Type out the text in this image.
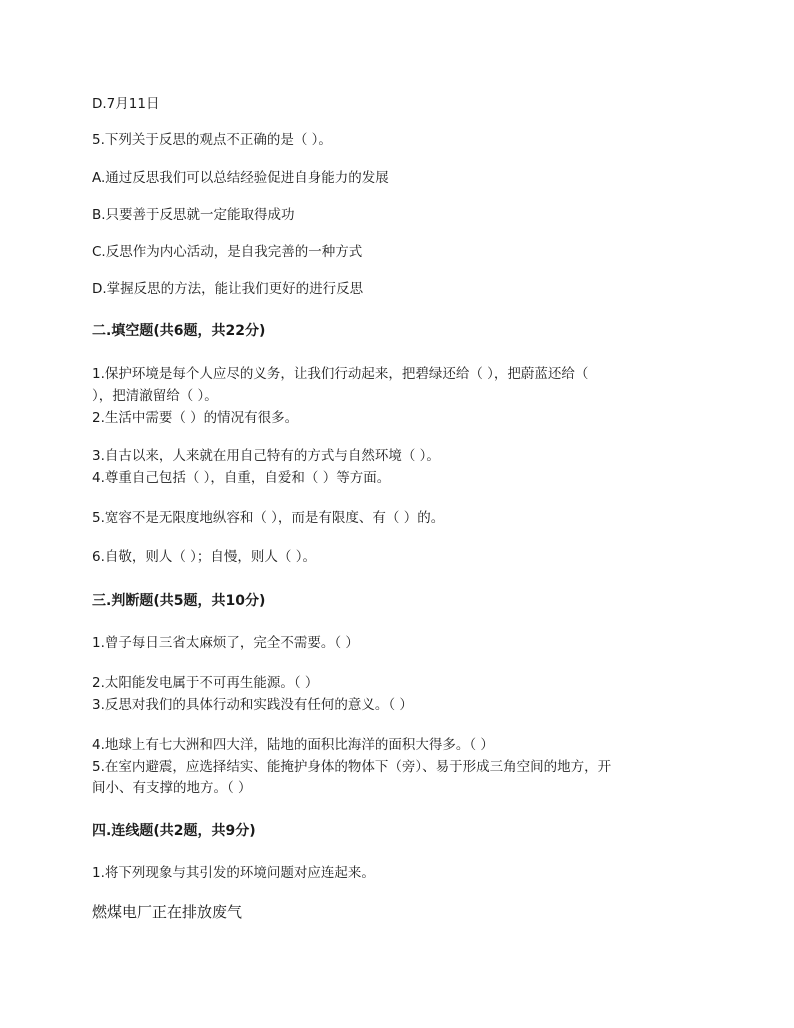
D.7月11日
5.下列关于反思的观点不正确的是（ ）。
A.通过反思我们可以总结经验促进自身能力的发展
B.只要善于反思就一定能取得成功
C.反思作为内心活动，是自我完善的一种方式
D.掌握反思的方法，能让我们更好的进行反思
二.填空题(共6题，共22分)
1.保护环境是每个人应尽的义务，让我们行动起来，把碧绿还给（ ），把蔚蓝还给（
），把清澈留给（ ）。
2.生活中需要（ ）的情况有很多。
3.自古以来，人来就在用自己特有的方式与自然环境（ ）。
4.尊重自己包括（ ），自重，自爱和（ ）等方面。
5.宽容不是无限度地纵容和（ ），而是有限度、有（ ）的。
6.自敬，则人（ ）；自慢，则人（ ）。
三.判断题(共5题，共10分)
1.曾子每日三省太麻烦了，完全不需要。（ ）
2.太阳能发电属于不可再生能源。（ ）
3.反思对我们的具体行动和实践没有任何的意义。（ ）
4.地球上有七大洲和四大洋，陆地的面积比海洋的面积大得多。（ ）
5.在室内避震，应选择结实、能掩护身体的物体下（旁）、易于形成三角空间的地方，开
间小、有支撑的地方。（ ）
四.连线题(共2题，共9分)
1.将下列现象与其引发的环境问题对应连起来。
燃煤电厂正在排放废气
